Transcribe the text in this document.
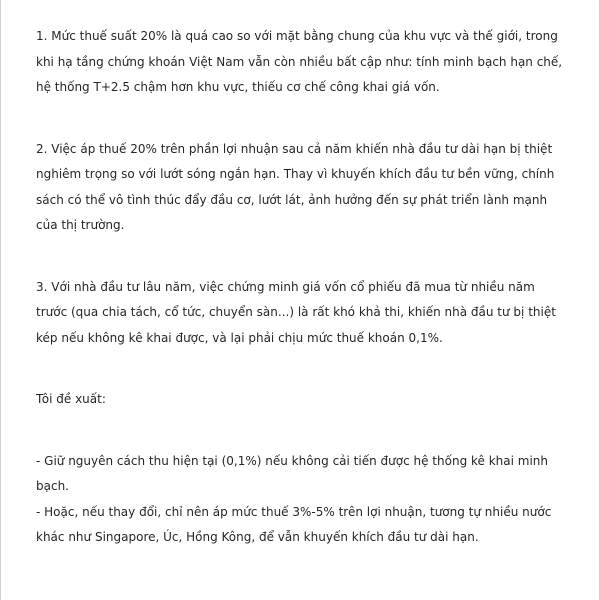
1. Mức thuế suất 20% là quá cao so với mặt bằng chung của khu vực và thế giới, trong
khi hạ tầng chứng khoán Việt Nam vẫn còn nhiều bất cập như: tính minh bạch hạn chế,
hệ thống T+2.5 chậm hơn khu vực, thiếu cơ chế công khai giá vốn.

2. Việc áp thuế 20% trên phần lợi nhuận sau cả năm khiến nhà đầu tư dài hạn bị thiệt
nghiêm trọng so với lướt sóng ngắn hạn. Thay vì khuyến khích đầu tư bền vững, chính
sách có thể vô tình thúc đẩy đầu cơ, lướt lát, ảnh hưởng đến sự phát triển lành mạnh
của thị trường.

3. Với nhà đầu tư lâu năm, việc chứng minh giá vốn cổ phiếu đã mua từ nhiều năm
trước (qua chia tách, cổ tức, chuyển sàn...) là rất khó khả thi, khiến nhà đầu tư bị thiệt
kép nếu không kê khai được, và lại phải chịu mức thuế khoán 0,1%.

Tôi đề xuất:

- Giữ nguyên cách thu hiện tại (0,1%) nếu không cải tiến được hệ thống kê khai minh
bạch.

- Hoặc, nếu thay đổi, chỉ nên áp mức thuế 3%-5% trên lợi nhuận, tương tự nhiều nước
khác như Singapore, Úc, Hồng Kông, để vẫn khuyến khích đầu tư dài hạn.
